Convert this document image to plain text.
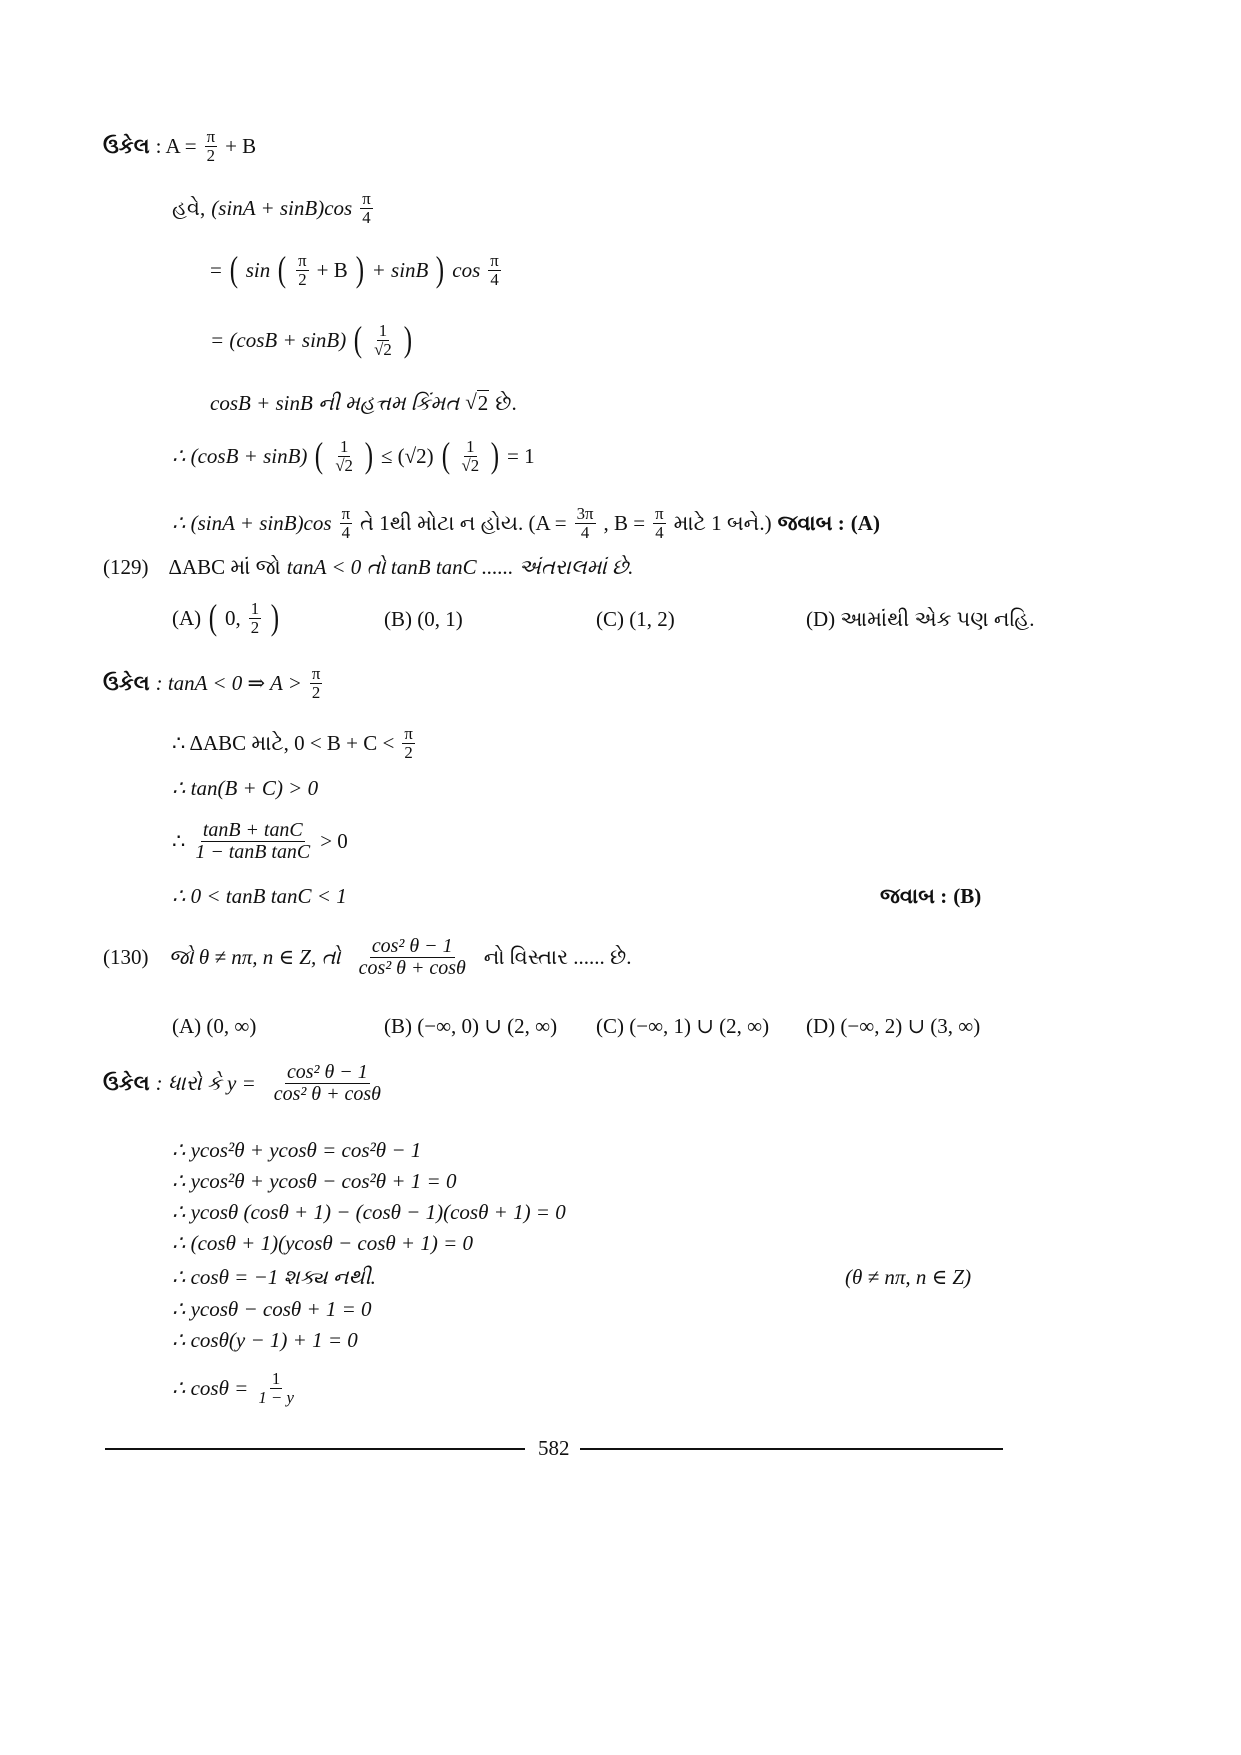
ઉકેલ : $A = \frac{\pi}{2} + B$
હવે, $(\sin A + \sin B)\cos \frac{\pi}{4}$
= ( sin ( $\frac{\pi}{2} + B$ ) + sinB ) $\cos \frac{\pi}{4}$
= (cosB + sinB) ( $\frac{1}{√2}$ )
cosB + sinB ની મહત્તમ કિંમત √ 2 છે.
∴ (cosB + sinB) ( $\frac{1}{√2}$ ) ≤ (√2) ( $\frac{1}{√2}$ ) = 1
∴ $(\sin A + \sin B)\cos \frac{\pi}{4}$ તે 1થી મોટા ન હોય. ($A = \frac{3\pi}{4}$ , $B = \frac{\pi}{4}$ માટે 1 બને.) જવાબ : (A)
(129) ΔABC માં જો tanA < 0 તો tanB tanC ...... અંતરાલમાં છે.
(A) ( 0, $\frac{1}{2}$ )	(B) (0, 1)	(C) (1, 2)	(D) આમાંથી એક પણ નહિ.
ઉકેલ : tanA < 0 ⇒ $A > \frac{\pi}{2}$
∴ ΔABC માટે, $0 < B + C < \frac{\pi}{2}$
∴ tan(B + C) > 0
∴ $\frac{\tan B + \tan C}{\text{1 − tanB tanC}} > 0$
∴ 0 < tanB tanC < 1	જવાબ : (B)
(130) જો θ ≠ nπ, n ∈ Z, તો $\frac{\text{cos² θ − 1}}{\text{cos² θ + cosθ}}$ નો વિસ્તાર ...... છે.
(A) (0, ∞)	(B) (−∞, 0) ∪ (2, ∞) (C) (−∞, 1) ∪ (2, ∞) (D) (−∞, 2) ∪ (3, ∞)
ઉકેલ : ધારો કે $y = \frac{\text{cos² θ − 1}}{\text{cos² θ + cosθ}}$
∴ ycos²θ + ycosθ = cos²θ − 1
∴ ycos²θ + ycosθ − cos²θ + 1 = 0
∴ ycosθ (cosθ + 1) − (cosθ − 1)(cosθ + 1) = 0
∴ (cosθ + 1)(ycosθ − cosθ + 1) = 0
∴ cosθ = −1 શક્ય નથી.	(θ ≠ nπ, n ∈ Z)
∴ ycosθ − cosθ + 1 = 0
∴ cosθ(y − 1) + 1 = 0
∴ $\cos\theta = \frac{1}{1 - y}$
582
